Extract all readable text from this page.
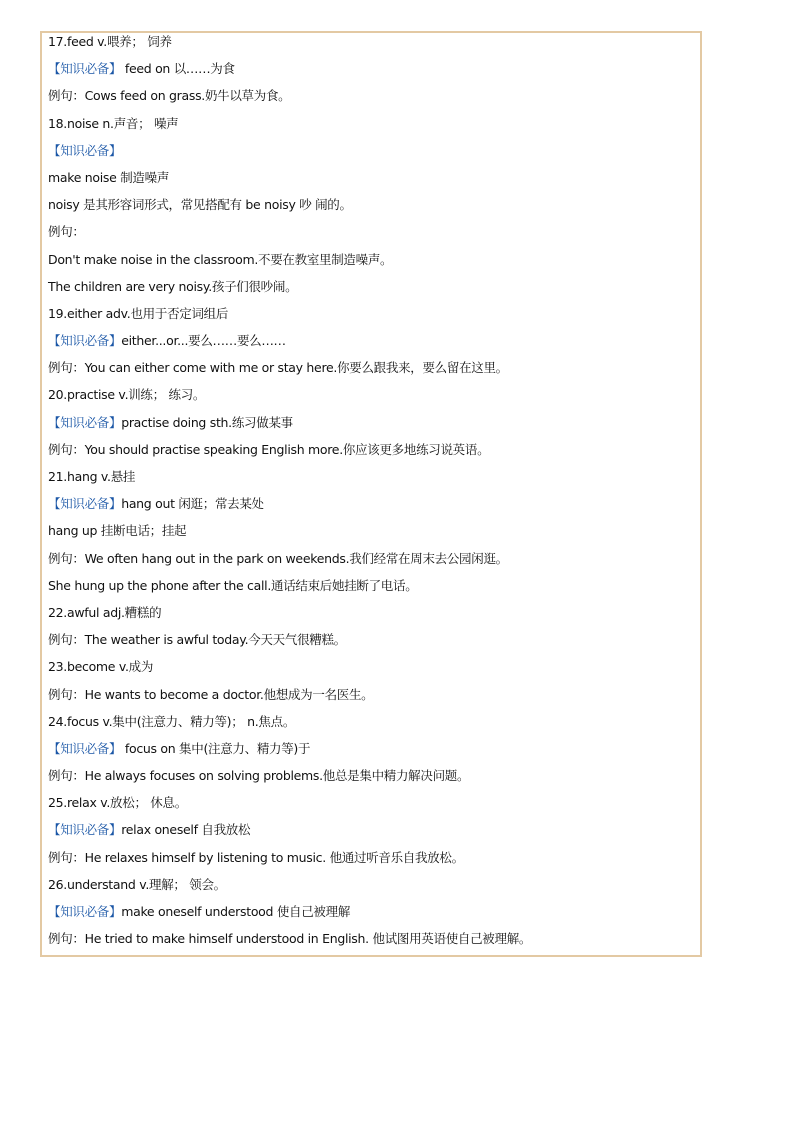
17.feed v.喂养； 饲养
【知识必备】 feed on 以……为食
例句：Cows feed on grass.奶牛以草为食。
18.noise n.声音； 噪声
【知识必备】
make noise 制造噪声
noisy 是其形容词形式，常见搭配有 be noisy 吵 闹的。
例句：
Don't make noise in the classroom.不要在教室里制造噪声。
The children are very noisy.孩子们很吵闹。
19.either adv.也用于否定词组后
【知识必备】either...or...要么……要么……
例句：You can either come with me or stay here.你要么跟我来，要么留在这里。
20.practise v.训练； 练习。
【知识必备】practise doing sth.练习做某事
例句：You should practise speaking English more.你应该更多地练习说英语。
21.hang v.悬挂
【知识必备】hang out 闲逛；常去某处
hang up 挂断电话；挂起
例句：We often hang out in the park on weekends.我们经常在周末去公园闲逛。
She hung up the phone after the call.通话结束后她挂断了电话。
22.awful adj.糟糕的
例句：The weather is awful today.今天天气很糟糕。
23.become v.成为
例句：He wants to become a doctor.他想成为一名医生。
24.focus v.集中(注意力、精力等)； n.焦点。
【知识必备】 focus on 集中(注意力、精力等)于
例句：He always focuses on solving problems.他总是集中精力解决问题。
25.relax v.放松； 休息。
【知识必备】relax oneself 自我放松
例句：He relaxes himself by listening to music. 他通过听音乐自我放松。
26.understand v.理解； 领会。
【知识必备】make oneself understood 使自己被理解
例句：He tried to make himself understood in English. 他试图用英语使自己被理解。
